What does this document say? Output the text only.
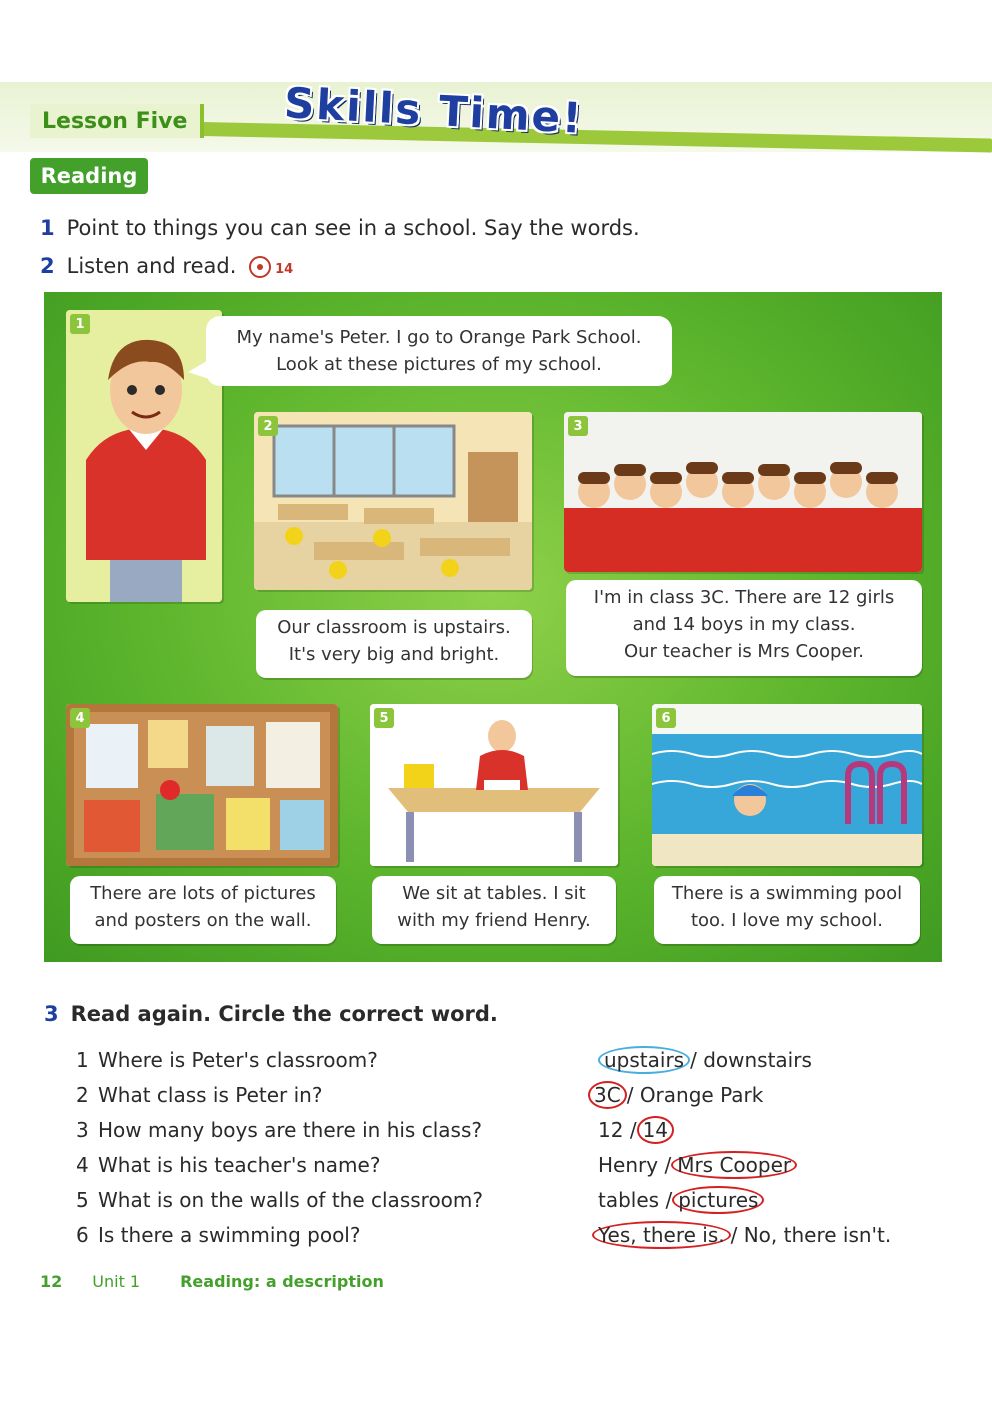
Lesson Five	Skills Time!
Reading
1 Point to things you can see in a school. Say the words.
2 Listen and read.	14
1
My name's Peter. I go to Orange Park School.
Look at these pictures of my school.
2
Our classroom is upstairs.
It's very big and bright.
3
I'm in class 3C. There are 12 girls
and 14 boys in my class.
Our teacher is Mrs Cooper.
4
There are lots of pictures
and posters on the wall.
5
We sit at tables. I sit
with my friend Henry.
6
There is a swimming pool
too. I love my school.
3 Read again. Circle the correct word.
1 Where is Peter's classroom?	upstairs / downstairs
2 What class is Peter in?	3C / Orange Park
3 How many boys are there in his class?	12 / 14
4 What is his teacher's name?	Henry / Mrs Cooper
5 What is on the walls of the classroom?	tables / pictures
6 Is there a swimming pool?	Yes, there is. / No, there isn't.
12 Unit 1	Reading: a description
